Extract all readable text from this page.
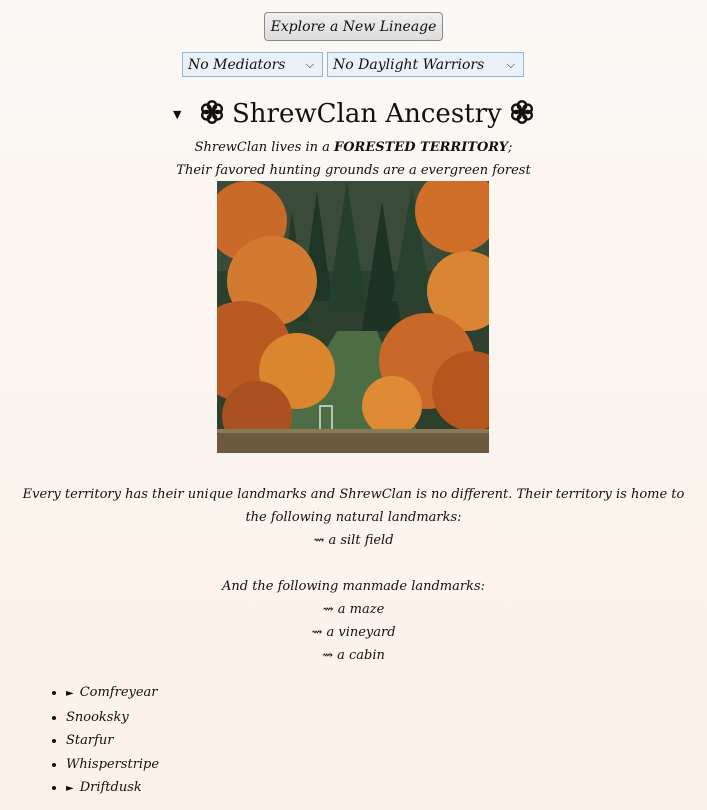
Explore a New Lineage
No Mediators ⌵ No Daylight Warriors ⌵
▼ ShrewClan Ancestry
ShrewClan lives in a FORESTED TERRITORY;
Their favored hunting grounds are a evergreen forest
Every territory has their unique landmarks and ShrewClan is no different. Their territory is home to the following natural landmarks:
⇝ a silt field
And the following manmade landmarks:
⇝ a maze
⇝ a vineyard
⇝ a cabin
• ► Comfreyear
• Snooksky
• Starfur
• Whisperstripe
• ► Driftdusk
